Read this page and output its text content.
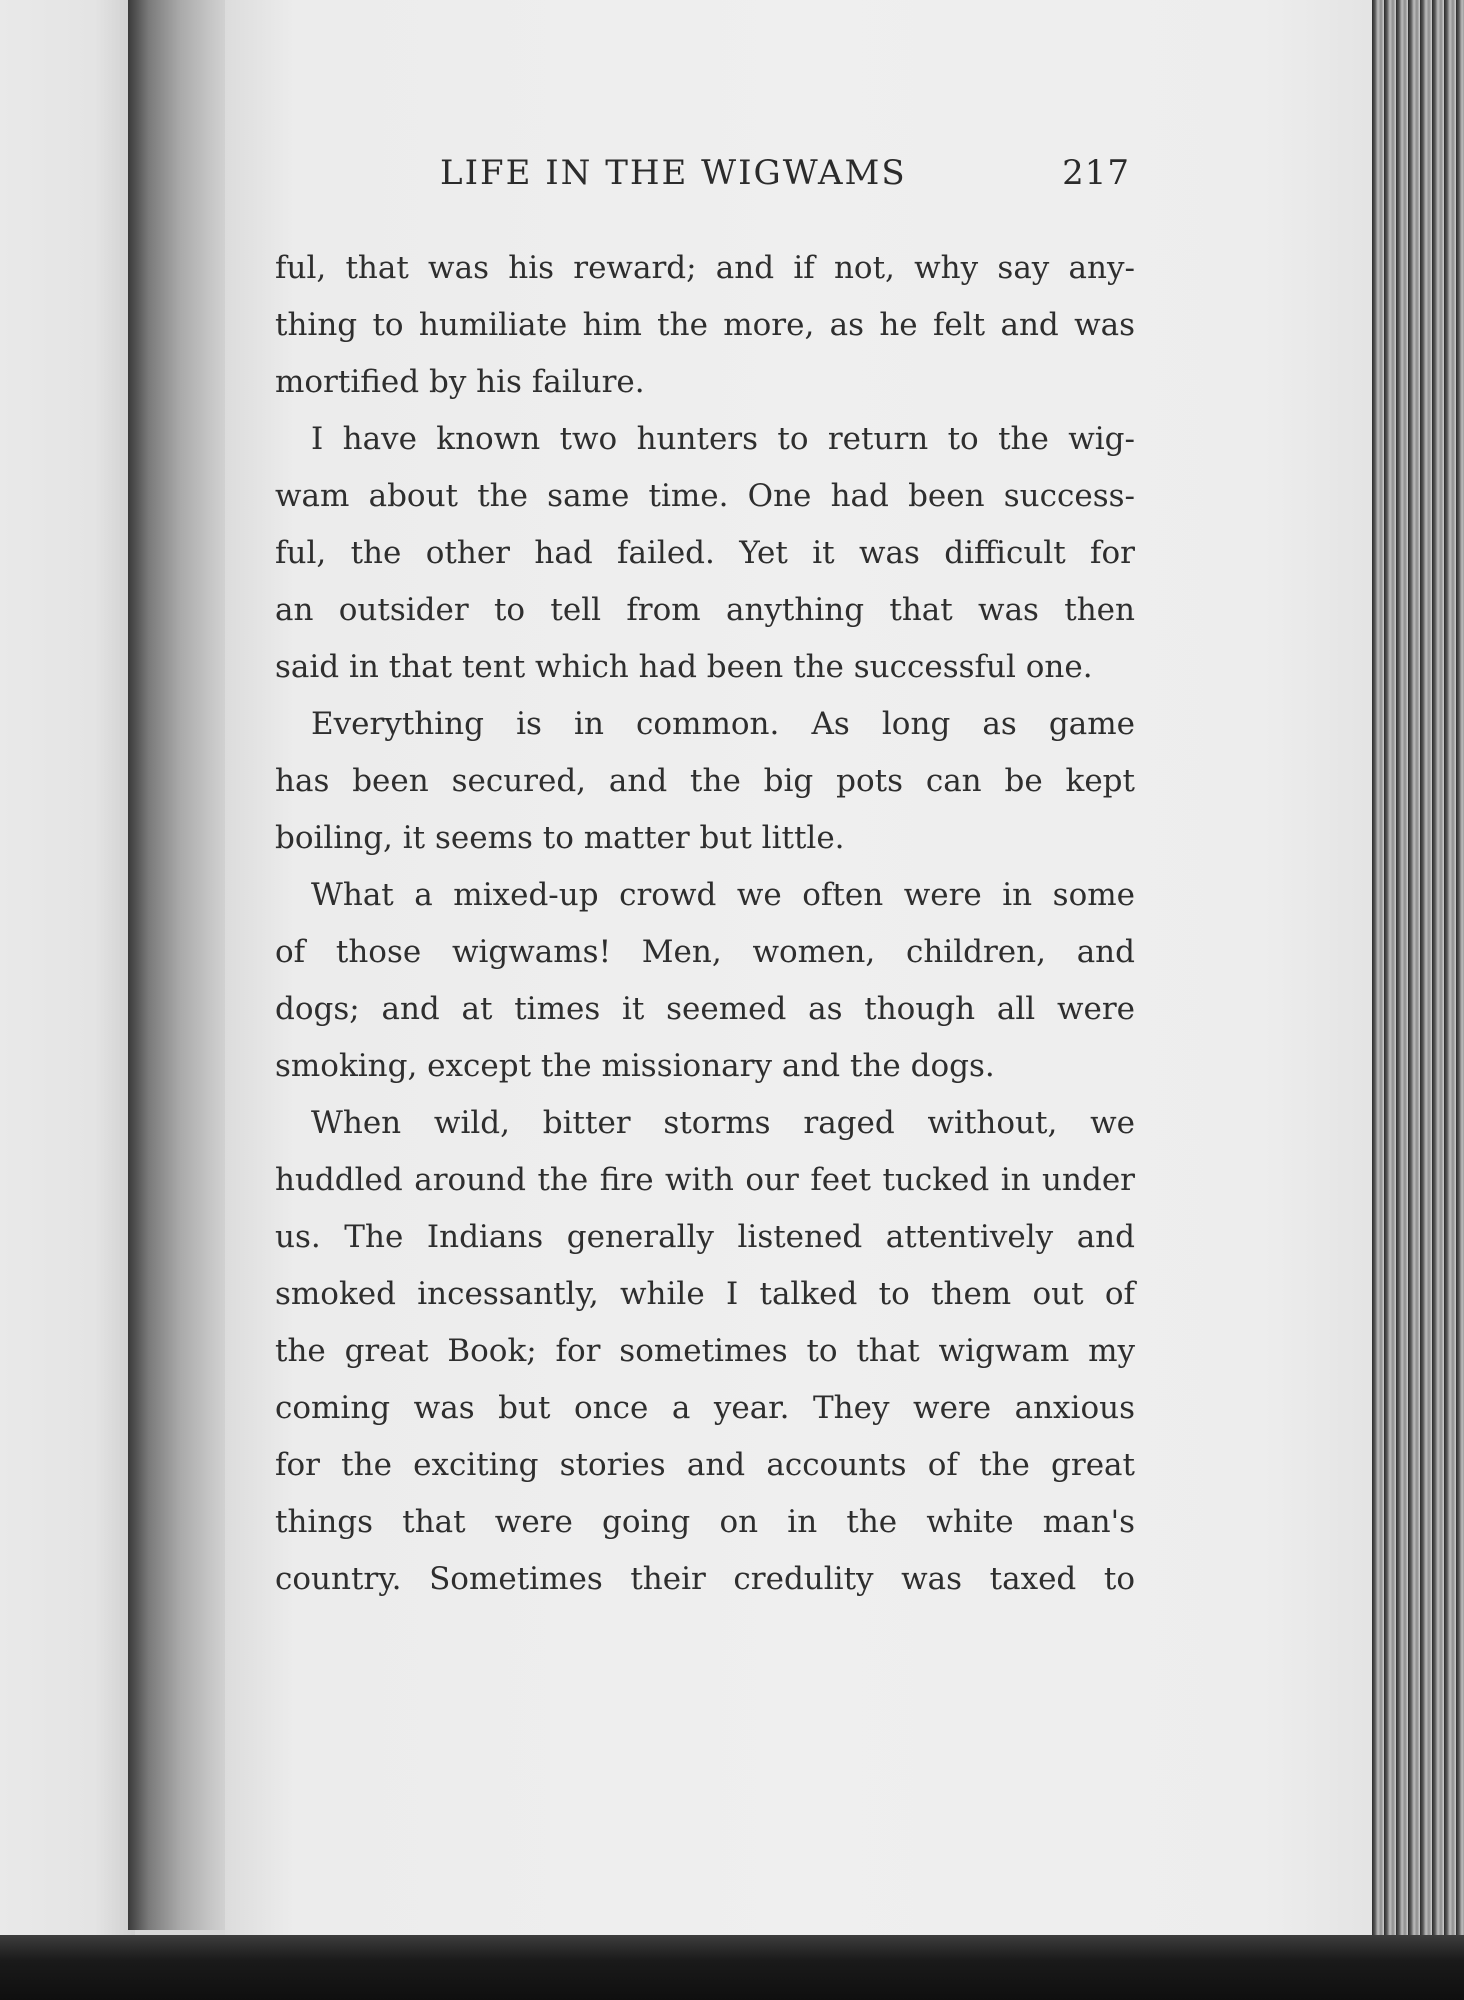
LIFE IN THE WIGWAMS	217
ful, that was his reward; and if not, why say any-
thing to humiliate him the more, as he felt and was
mortified by his failure.
I have known two hunters to return to the wig-
wam about the same time. One had been success-
ful, the other had failed. Yet it was difficult for
an outsider to tell from anything that was then
said in that tent which had been the successful one.
Everything is in common. As long as game
has been secured, and the big pots can be kept
boiling, it seems to matter but little.
What a mixed-up crowd we often were in some
of those wigwams! Men, women, children, and
dogs; and at times it seemed as though all were
smoking, except the missionary and the dogs.
When wild, bitter storms raged without, we
huddled around the fire with our feet tucked in under
us. The Indians generally listened attentively and
smoked incessantly, while I talked to them out of
the great Book; for sometimes to that wigwam my
coming was but once a year. They were anxious
for the exciting stories and accounts of the great
things that were going on in the white man's
country. Sometimes their credulity was taxed to
